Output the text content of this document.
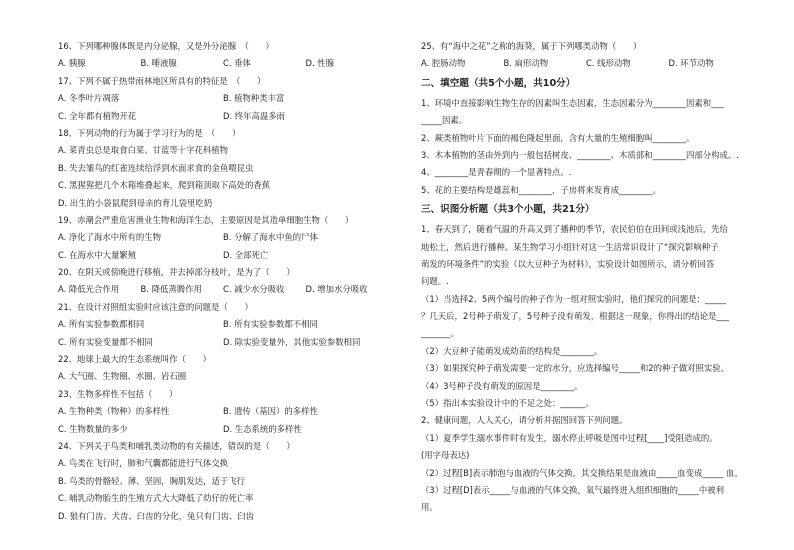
16、下列哪种腺体既是内分泌腺，又是外分泌腺　（　　）
A. 胰腺	B. 唾液腺	C. 垂体	D. 性腺
17、下列不属于热带雨林地区所具有的特征是　（　　）
A. 冬季叶片凋落	B. 植物种类丰富
C. 全年都有植物开花	D. 终年高温多雨
18、下列动物的行为属于学习行为的是　（　　）
A. 菜青虫总是取食白菜、甘蓝等十字花科植物
B. 失去雏鸟的红雀连续给浮到水面求食的金鱼喂昆虫
C. 黑猩猩把几个木箱堆叠起来，爬到箱顶取下高处的香蕉
D. 出生的小袋鼠爬到母亲的育儿袋里吃奶
19、赤潮会严重危害渔业生物和海洋生态，主要原因是其造单细胞生物（　　）
A. 净化了海水中所有的生物	B. 分解了海水中鱼的尸体
C. 在海水中大量繁殖	D. 全部死亡
20、在阴天或傍晚进行移植，并去掉部分枝叶，是为了（　　）
A. 降低光合作用	B. 降低蒸腾作用	C. 减少水分吸收	D. 增加水分吸收
21、在设计对照组实验时应该注意的问题是（　　）
A. 所有实验参数都相同	B. 所有实验参数都不相同
C. 所有实验变量都不相同	D. 除实验变量外，其他实验参数相同
22、地球上最大的生态系统叫作（　　）
A. 大气圈、生物圈、水圈、岩石圈
23、生物多样性不包括（　　）
A. 生物种类（物种）的多样性	B. 遗传（基因）的多样性
C. 生物数量的多少	D. 生态系统的多样性
24、下列关于鸟类和哺乳类动物的有关描述，错误的是（　　）
A. 鸟类在飞行时，肺和气囊都能进行气体交换
B. 鸟类的骨骼轻、薄、坚固，胸肌发达，适于飞行
C. 哺乳动物胎生的生殖方式大大降低了幼仔的死亡率
D. 狼有门齿、犬齿、臼齿的分化，兔只有门齿、臼齿
25、有“海中之花”之称的海葵，属于下列哪类动物（　　）
A. 腔肠动物	B. 扁形动物	C. 线形动物	D. 环节动物
二、填空题（共5个小题，共10分）
1、环境中直接影响生物生存的因素叫生态因素，生态因素分为________因素和___
_____因素。
2、蕨类植物叶片下面的褐色隆起里面，含有大量的生殖细胞叫________。
3、木本植物的茎由外到内一般包括树皮、________、木质部和________四部分构成。.
4、________是青春期的一个显著特点。.
5、花的主要结构是雄蕊和________，子房将来发育成________。
三、识图分析题（共3个小题，共21分）
1、春天到了，随着气温的升高又到了播种的季节，农民伯伯在田间或浅池后，先给
地松土，然后进行播种。某生物学习小组针对这一生活常识设计了“探究影响种子
萌发的环境条件”的实验（以大豆种子为材料），实验设计如图所示，请分析回答
问题。.
（1）当选择2、5两个编号的种子作为一组对照实验时，他们探究的问题是：_____
？几天后，2号种子萌发了，5号种子没有萌发，根据这一现象，你得出的结论是___
_______。
（2）大豆种子能萌发成幼苗的结构是________。
（3）如果探究种子萌发需要一定的水分，应选择编号_____和2的种子做对照实验。
（4）3号种子没有萌发的原因是________。
（5）指出本实验设计中的不足之处：______。
2、健康问题，人人关心，请分析并据图回答下列问题。
（1）夏季学生溺水事件时有发生，溺水停止呼吸是图中过程[____]受阻造成的。
(用字母表达)
（2）过程[B]表示肺泡与血液的气体交换，其交换结果是血液由_____血变成_____ 血。
（3）过程[D]表示_____与血液的气体交换，氧气最终进入组织细胞的_____中被利
用。
